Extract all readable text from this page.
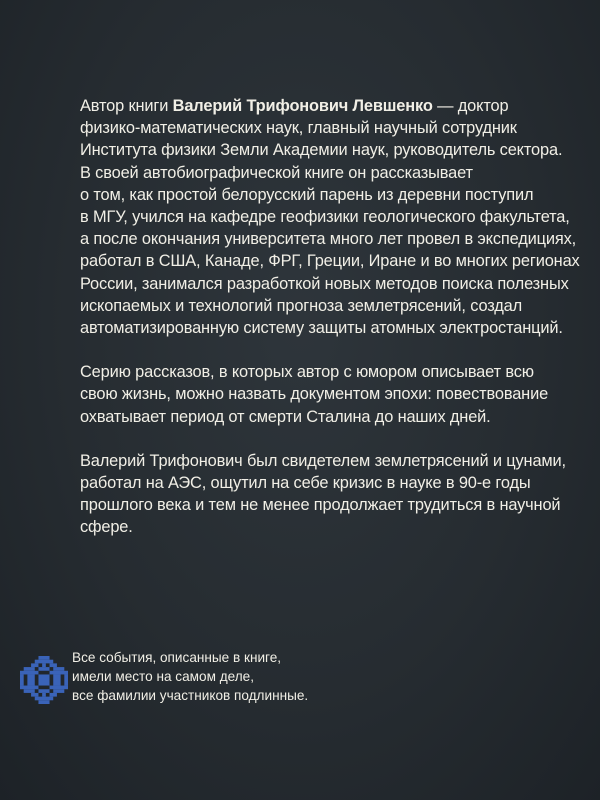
Автор книги Валерий Трифонович Левшенко — доктор
физико-математических наук, главный научный сотрудник
Института физики Земли Академии наук, руководитель сектора.
В своей автобиографической книге он рассказывает
о том, как простой белорусский парень из деревни поступил
в МГУ, учился на кафедре геофизики геологического факультета,
а после окончания университета много лет провел в экспедициях,
работал в США, Канаде, ФРГ, Греции, Иране и во многих регионах
России, занимался разработкой новых методов поиска полезных
ископаемых и технологий прогноза землетрясений, создал
автоматизированную систему защиты атомных электростанций.

Серию рассказов, в которых автор с юмором описывает всю
свою жизнь, можно назвать документом эпохи: повествование
охватывает период от смерти Сталина до наших дней.

Валерий Трифонович был свидетелем землетрясений и цунами,
работал на АЭС, ощутил на себе кризис в науке в 90-е годы
прошлого века и тем не менее продолжает трудиться в научной
сфере.

Все события, описанные в книге,
имели место на самом деле,
все фамилии участников подлинные.
